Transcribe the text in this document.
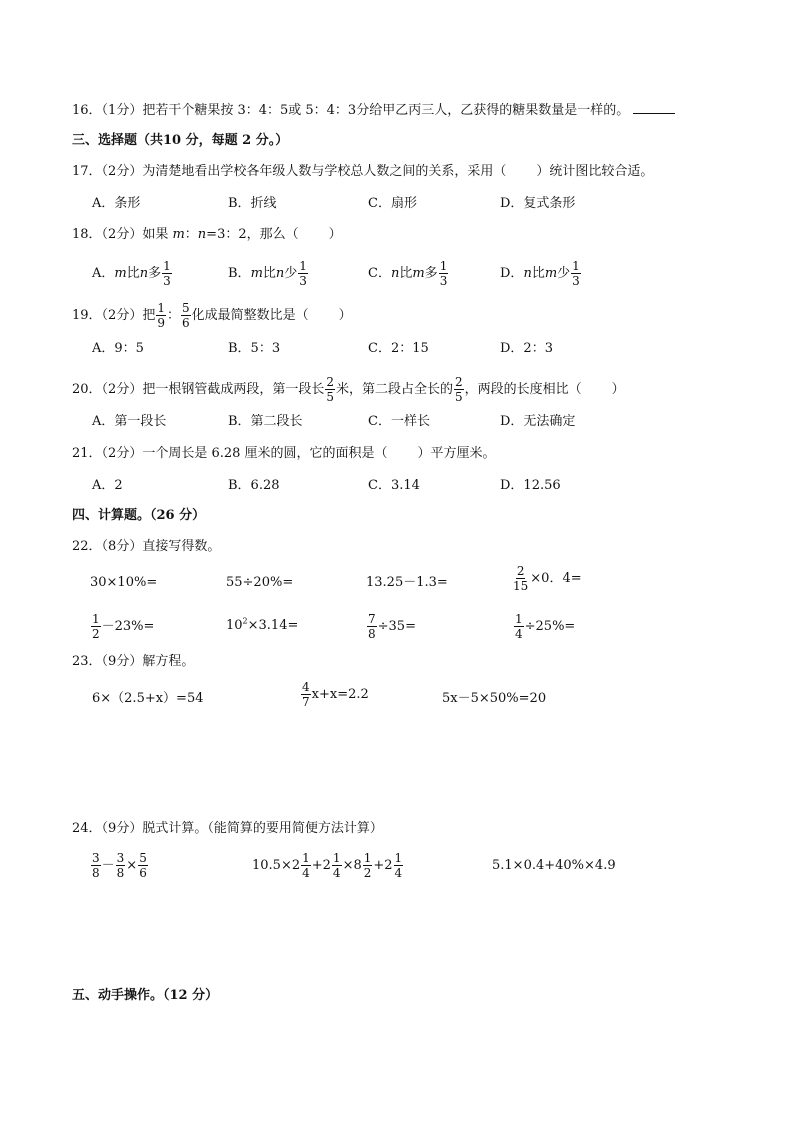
16．（1分）把若干个糖果按 3：4：5或 5：4：3分给甲乙丙三人，乙获得的糖果数量是一样的。
三、选择题（共10 分，每题 2 分。）
17．（2分）为清楚地看出学校各年级人数与学校总人数之间的关系，采用（ ）统计图比较合适。
A．条形	B．折线	C．扇形	D．复式条形
18．（2分）如果 m：n=3：2，那么（ ）
A．m比n多 $\frac{1}{3}$	B．m比n少 $\frac{1}{3}$	C．n比m多 $\frac{1}{3}$	D．n比m少 $\frac{1}{3}$
19．（2分）把 $\frac{1}{9}$ ： $\frac{5}{6}$ 化成最简整数比是（ ）
A．9：5	B．5：3	C．2：15	D．2：3
20．（2分）把一根钢管截成两段，第一段长 $\frac{2}{5}$ 米，第二段占全长的 $\frac{2}{5}$ ，两段的长度相比（ ）
A．第一段长	B．第二段长	C．一样长	D．无法确定
21．（2分）一个周长是 6.28 厘米的圆，它的面积是（ ）平方厘米。
A．2	B．6.28	C．3.14	D．12.56
四、计算题。（26 分）
22．（8分）直接写得数。
30×10%=	55÷20%=	13.25－1.3=	$\frac{2}{15} \times 0$．4=
$\frac{1}{2} -23\%=$	$10^2\times 3.14=$	$\frac{7}{8} \div 35=$	$\frac{1}{4} \div 25\%=$
23．（9分）解方程。
6×（2.5+x）=54	$\frac{4}{7} x+x=2.2$	5x－5×50%=20
24．（9分）脱式计算。（能简算的要用简便方法计算）
$\frac{3}{8} - \frac{3}{8} \times \frac{5}{6}$	$10.5\times 2 \frac{1}{4} +2 \frac{1}{4} \times 8 \frac{1}{2} +2 \frac{1}{4}$	5.1×0.4+40%×4.9
五、动手操作。（12 分）
